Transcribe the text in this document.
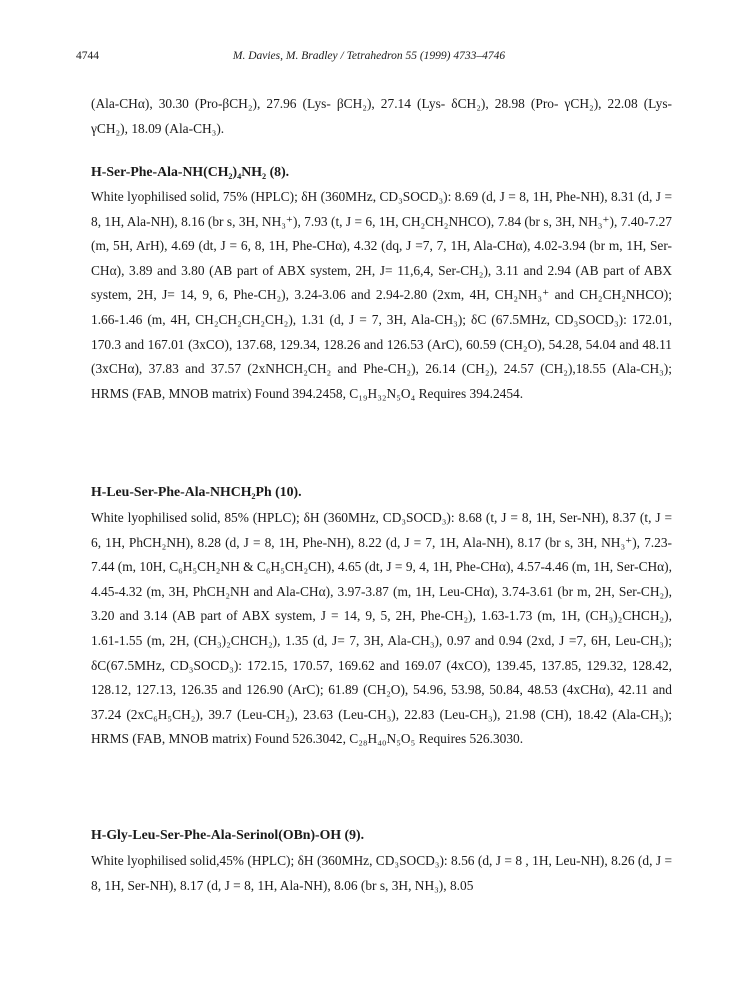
4744	M. Davies, M. Bradley / Tetrahedron 55 (1999) 4733–4746

(Ala-CHα), 30.30 (Pro-βCH₂), 27.96 (Lys- βCH₂), 27.14 (Lys- δCH₂), 28.98 (Pro- γCH₂), 22.08 (Lys- γCH₂), 18.09 (Ala-CH₃).

H-Ser-Phe-Ala-NH(CH₂)₄NH₂ (8).

White lyophilised solid, 75% (HPLC); δH (360MHz, CD₃SOCD₃): 8.69 (d, J = 8, 1H, Phe-NH), 8.31 (d, J = 8, 1H, Ala-NH), 8.16 (br s, 3H, NH₃⁺), 7.93 (t, J = 6, 1H, CH₂CH₂NHCO), 7.84 (br s, 3H, NH₃⁺), 7.40-7.27 (m, 5H, ArH), 4.69 (dt, J = 6, 8, 1H, Phe-CHα), 4.32 (dq, J =7, 7, 1H, Ala-CHα), 4.02-3.94 (br m, 1H, Ser-CHα), 3.89 and 3.80 (AB part of ABX system, 2H, J= 11,6,4, Ser-CH₂), 3.11 and 2.94 (AB part of ABX system, 2H, J= 14, 9, 6, Phe-CH₂), 3.24-3.06 and 2.94-2.80 (2xm, 4H, CH₂NH₃⁺ and CH₂CH₂NHCO); 1.66-1.46 (m, 4H, CH₂CH₂CH₂CH₂), 1.31 (d, J = 7, 3H, Ala-CH₃); δC (67.5MHz, CD₃SOCD₃): 172.01, 170.3 and 167.01 (3xCO), 137.68, 129.34, 128.26 and 126.53 (ArC), 60.59 (CH₂O), 54.28, 54.04 and 48.11 (3xCHα), 37.83 and 37.57 (2xNHCH₂CH₂ and Phe-CH₂), 26.14 (CH₂), 24.57 (CH₂),18.55 (Ala-CH₃); HRMS (FAB, MNOB matrix) Found 394.2458, C₁₉H₃₂N₅O₄ Requires 394.2454.

H-Leu-Ser-Phe-Ala-NHCH₂Ph (10).

White lyophilised solid, 85% (HPLC); δH (360MHz, CD₃SOCD₃): 8.68 (t, J = 8, 1H, Ser-NH), 8.37 (t, J = 6, 1H, PhCH₂NH), 8.28 (d, J = 8, 1H, Phe-NH), 8.22 (d, J = 7, 1H, Ala-NH), 8.17 (br s, 3H, NH₃⁺), 7.23-7.44 (m, 10H, C₆H₅CH₂NH & C₆H₅CH₂CH), 4.65 (dt, J = 9, 4, 1H, Phe-CHα), 4.57-4.46 (m, 1H, Ser-CHα), 4.45-4.32 (m, 3H, PhCH₂NH and Ala-CHα), 3.97-3.87 (m, 1H, Leu-CHα), 3.74-3.61 (br m, 2H, Ser-CH₂), 3.20 and 3.14 (AB part of ABX system, J = 14, 9, 5, 2H, Phe-CH₂), 1.63-1.73 (m, 1H, (CH₃)₂CHCH₂), 1.61-1.55 (m, 2H, (CH₃)₂CHCH₂), 1.35 (d, J= 7, 3H, Ala-CH₃), 0.97 and 0.94 (2xd, J =7, 6H, Leu-CH₃); δC(67.5MHz, CD₃SOCD₃): 172.15, 170.57, 169.62 and 169.07 (4xCO), 139.45, 137.85, 129.32, 128.42, 128.12, 127.13, 126.35 and 126.90 (ArC); 61.89 (CH₂O), 54.96, 53.98, 50.84, 48.53 (4xCHα), 42.11 and 37.24 (2xC₆H₅CH₂), 39.7 (Leu-CH₂), 23.63 (Leu-CH₃), 22.83 (Leu-CH₃), 21.98 (CH), 18.42 (Ala-CH₃); HRMS (FAB, MNOB matrix) Found 526.3042, C₂₈H₄₀N₅O₅ Requires 526.3030.

H-Gly-Leu-Ser-Phe-Ala-Serinol(OBn)-OH (9).

White lyophilised solid,45% (HPLC); δH (360MHz, CD₃SOCD₃): 8.56 (d, J = 8 , 1H, Leu-NH), 8.26 (d, J = 8, 1H, Ser-NH), 8.17 (d, J = 8, 1H, Ala-NH), 8.06 (br s, 3H, NH₃), 8.05
